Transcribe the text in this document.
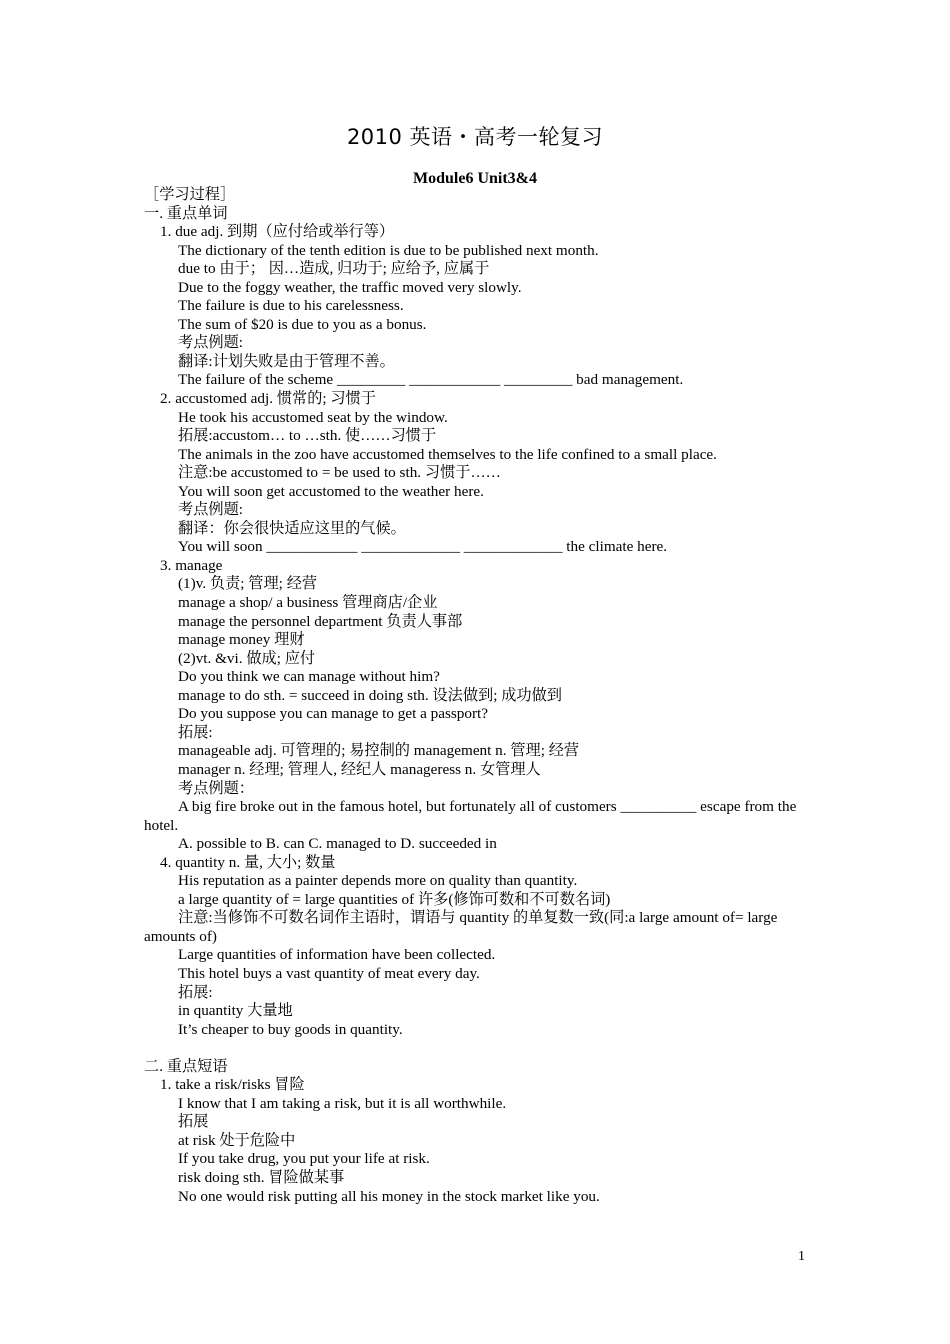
2010 英语・高考一轮复习
Module6 Unit3&4

［学习过程］

一. 重点单词

1. due adj. 到期（应付给或举行等）

The dictionary of the tenth edition is due to be published next month.

due to 由于； 因…造成, 归功于; 应给予, 应属于

Due to the foggy weather, the traffic moved very slowly.

The failure is due to his carelessness.

The sum of $20 is due to you as a bonus.

考点例题:

翻译:计划失败是由于管理不善。

The failure of the scheme _________ ____________ _________ bad management.

2. accustomed adj. 惯常的; 习惯于

He took his accustomed seat by the window.

拓展:accustom… to …sth. 使……习惯于

The animals in the zoo have accustomed themselves to the life confined to a small place.

注意:be accustomed to = be used to sth. 习惯于……

You will soon get accustomed to the weather here.

考点例题:

翻译：你会很快适应这里的气候。

You will soon ____________ _____________ _____________ the climate here.

3. manage

(1)v. 负责; 管理; 经营

manage a shop/ a business 管理商店/企业

manage the personnel department 负责人事部

manage money 理财

(2)vt. &vi. 做成; 应付

Do you think we can manage without him?

manage to do sth. = succeed in doing sth. 设法做到; 成功做到

Do you suppose you can manage to get a passport?

拓展:

manageable adj. 可管理的; 易控制的 management n. 管理; 经营

manager n. 经理; 管理人, 经纪人 manageress n. 女管理人

考点例题：

A big fire broke out in the famous hotel, but fortunately all of customers __________ escape from the hotel.

A. possible to B. can C. managed to D. succeeded in

4. quantity n. 量, 大小; 数量

His reputation as a painter depends more on quality than quantity.

a large quantity of = large quantities of 许多(修饰可数和不可数名词)

注意:当修饰不可数名词作主语时，谓语与 quantity 的单复数一致(同:a large amount of= large amounts of)

Large quantities of information have been collected.

This hotel buys a vast quantity of meat every day.

拓展:

in quantity 大量地

It’s cheaper to buy goods in quantity.

二. 重点短语

1. take a risk/risks 冒险

I know that I am taking a risk, but it is all worthwhile.

拓展

at risk 处于危险中

If you take drug, you put your life at risk.

risk doing sth. 冒险做某事

No one would risk putting all his money in the stock market like you.

1
